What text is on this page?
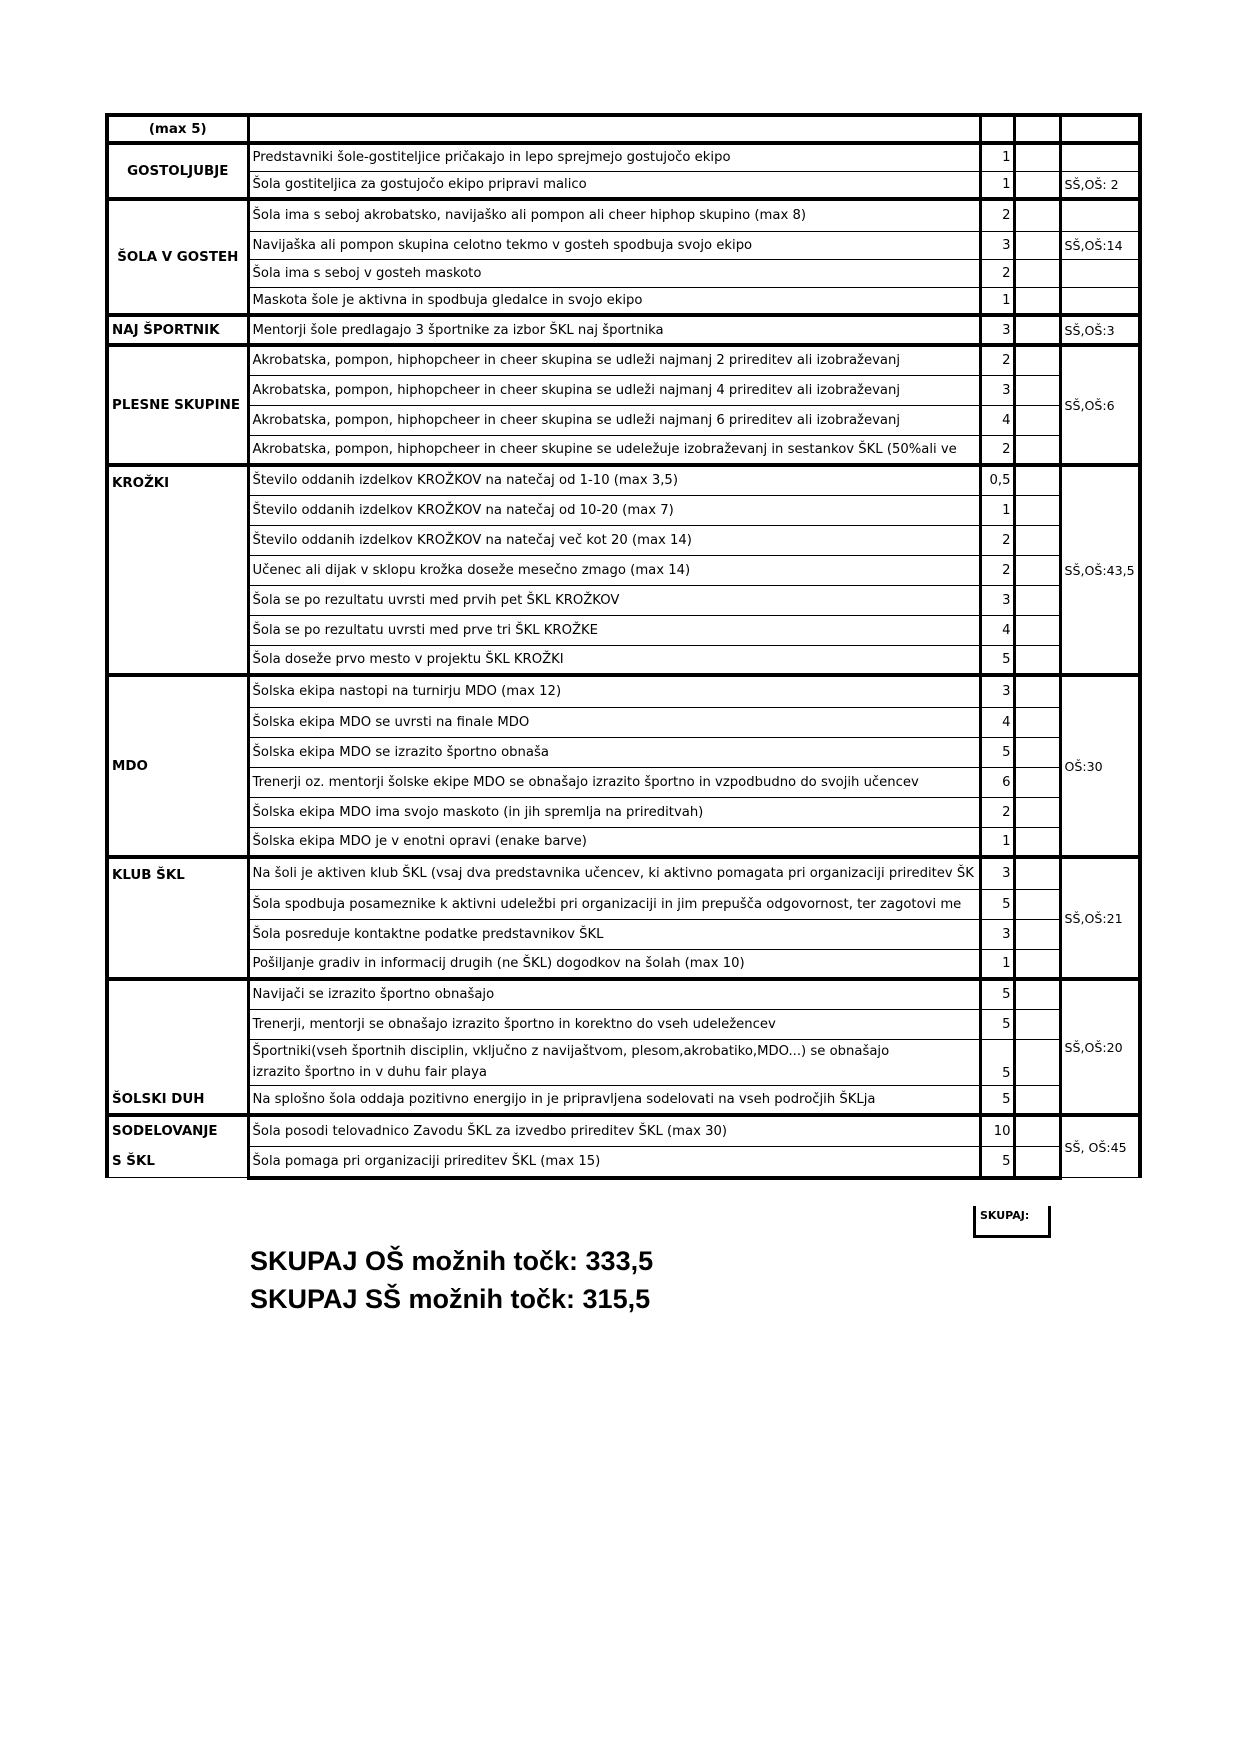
(max 5)				
GOSTOLJUBJE	Predstavniki šole-gostiteljice pričakajo in lepo sprejmejo gostujočo ekipo	1		
	Šola gostiteljica za gostujočo ekipo pripravi malico	1		SŠ,OŠ: 2
ŠOLA V GOSTEH	Šola ima s seboj akrobatsko, navijaško ali pompon ali cheer hiphop skupino (max 8)	2		
	Navijaška ali pompon skupina celotno tekmo v gosteh spodbuja svojo ekipo	3		SŠ,OŠ:14
	Šola ima s seboj v gosteh maskoto	2		
	Maskota šole je aktivna in spodbuja gledalce in svojo ekipo	1		
NAJ ŠPORTNIK	Mentorji šole predlagajo 3 športnike za izbor ŠKL naj športnika	3		SŠ,OŠ:3
PLESNE SKUPINE	Akrobatska, pompon, hiphopcheer in cheer skupina se udleži najmanj 2 prireditev ali izobraževanj	2		SŠ,OŠ:6
	Akrobatska, pompon, hiphopcheer in cheer skupina se udleži najmanj 4 prireditev ali izobraževanj	3		
	Akrobatska, pompon, hiphopcheer in cheer skupina se udleži najmanj 6 prireditev ali izobraževanj	4		
	Akrobatska, pompon, hiphopcheer in cheer skupine se udeležuje izobraževanj in sestankov ŠKL (50%ali ve	2		
KROŽKI	Število oddanih izdelkov KROŽKOV na natečaj od 1-10 (max 3,5)	0,5		SŠ,OŠ:43,5
	Število oddanih izdelkov KROŽKOV na natečaj od 10-20 (max 7)	1		
	Število oddanih izdelkov KROŽKOV na natečaj več kot 20 (max 14)	2		
	Učenec ali dijak v sklopu krožka doseže mesečno zmago (max 14)	2		
	Šola se po rezultatu uvrsti med prvih pet ŠKL KROŽKOV	3		
	Šola se po rezultatu uvrsti med prve tri ŠKL KROŽKE	4		
	Šola doseže prvo mesto v projektu ŠKL KROŽKI	5		
MDO	Šolska ekipa nastopi na turnirju MDO (max 12)	3		OŠ:30
	Šolska ekipa MDO se uvrsti na finale MDO	4		
	Šolska ekipa MDO se izrazito športno obnaša	5		
	Trenerji oz. mentorji šolske ekipe MDO se obnašajo izrazito športno in vzpodbudno do svojih učencev	6		
	Šolska ekipa MDO ima svojo maskoto (in jih spremlja na prireditvah)	2		
	Šolska ekipa MDO je v enotni opravi (enake barve)	1		
KLUB ŠKL	Na šoli je aktiven klub ŠKL (vsaj dva predstavnika učencev, ki aktivno pomagata pri organizaciji prireditev ŠK	3		SŠ,OŠ:21
	Šola spodbuja posameznike k aktivni udeležbi pri organizaciji in jim prepušča odgovornost, ter zagotovi me	5		
	Šola posreduje kontaktne podatke predstavnikov ŠKL	3		
	Pošiljanje gradiv in informacij drugih (ne ŠKL) dogodkov na šolah (max 10)	1		
ŠOLSKI DUH	Navijači se izrazito športno obnašajo	5		SŠ,OŠ:20
	Trenerji, mentorji se obnašajo izrazito športno in korektno do vseh udeležencev	5		
	Športniki(vseh športnih disciplin, vključno z navijaštvom, plesom,akrobatiko,MDO...) se obnašajo izrazito športno in v duhu fair playa	5		
	Na splošno šola oddaja pozitivno energijo in je pripravljena sodelovati na vseh področjih ŠKLja	5		

SODELOVANJE
S ŠKL	Šola posodi telovadnico Zavodu ŠKL za izvedbo prireditev ŠKL (max 30)	10		SŠ, OŠ:45
	Šola pomaga pri organizaciji prireditev ŠKL (max 15)	5		
SKUPAJ:
SKUPAJ OŠ možnih točk: 333,5
SKUPAJ SŠ možnih točk: 315,5
